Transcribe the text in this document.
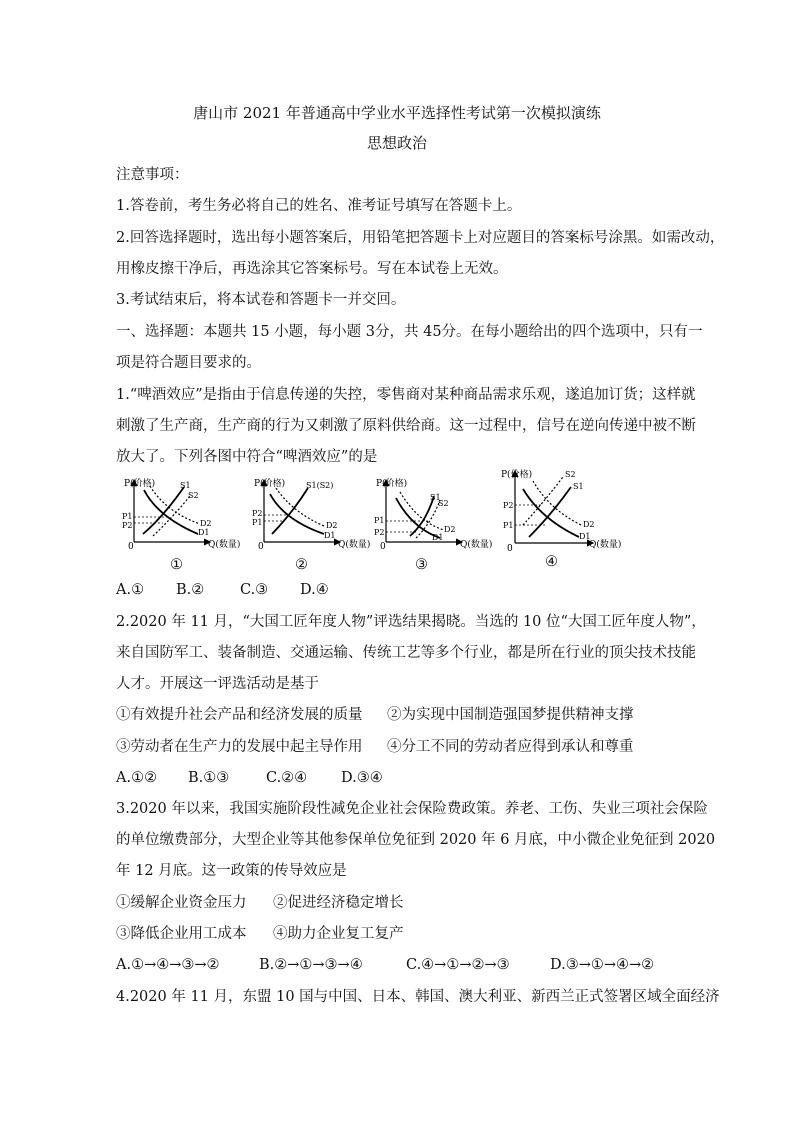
唐山市 2021 年普通高中学业水平选择性考试第一次模拟演练
思想政治
注意事项：
1.答卷前，考生务必将自己的姓名、准考证号填写在答题卡上。
2.回答选择题时，选出每小题答案后，用铅笔把答题卡上对应题目的答案标号涂黑。如需改动，
用橡皮擦干净后，再选涂其它答案标号。写在本试卷上无效。
3.考试结束后，将本试卷和答题卡一并交回。
一、选择题：本题共 15 小题，每小题 3分，共 45分。在每小题给出的四个选项中，只有一
项是符合题目要求的。
1.“啤酒效应”是指由于信息传递的失控，零售商对某种商品需求乐观，遂追加订货；这样就
刺激了生产商，生产商的行为又刺激了原料供给商。这一过程中，信号在逆向传递中被不断
放大了。下列各图中符合“啤酒效应”的是
P(价格)
Q(数量)
0
S1
S2
D2
D1
P1
P2
①
P(价格)
Q(数量)
0
S1(S2)
D2
D1
P2
P1
②
P(价格)
Q(数量)
0
S1
S2
D2
D1
P1
P2
③
P(价格)
Q(数量)
0
S2
S1
D2
D1
P2
P1
④
A.① B.② C.③ D.④
2.2020 年 11 月，“大国工匠年度人物”评选结果揭晓。当选的 10 位“大国工匠年度人物”，
来自国防军工、装备制造、交通运输、传统工艺等多个行业，都是所在行业的顶尖技术技能
人才。开展这一评选活动是基于
①有效提升社会产品和经济发展的质量 ②为实现中国制造强国梦提供精神支撑
③劳动者在生产力的发展中起主导作用 ④分工不同的劳动者应得到承认和尊重
A.①② B.①③	C.②④ D.③④
3.2020 年以来，我国实施阶段性减免企业社会保险费政策。养老、工伤、失业三项社会保险
的单位缴费部分，大型企业等其他参保单位免征到 2020 年 6 月底，中小微企业免征到 2020
年 12 月底。这一政策的传导效应是
①缓解企业资金压力 ②促进经济稳定增长
③降低企业用工成本 ④助力企业复工复产
A.①→④→③→②	B.②→①→③→④	C.④→①→②→③	D.③→①→④→②
4.2020 年 11 月，东盟 10 国与中国、日本、韩国、澳大利亚、新西兰正式签署区域全面经济
